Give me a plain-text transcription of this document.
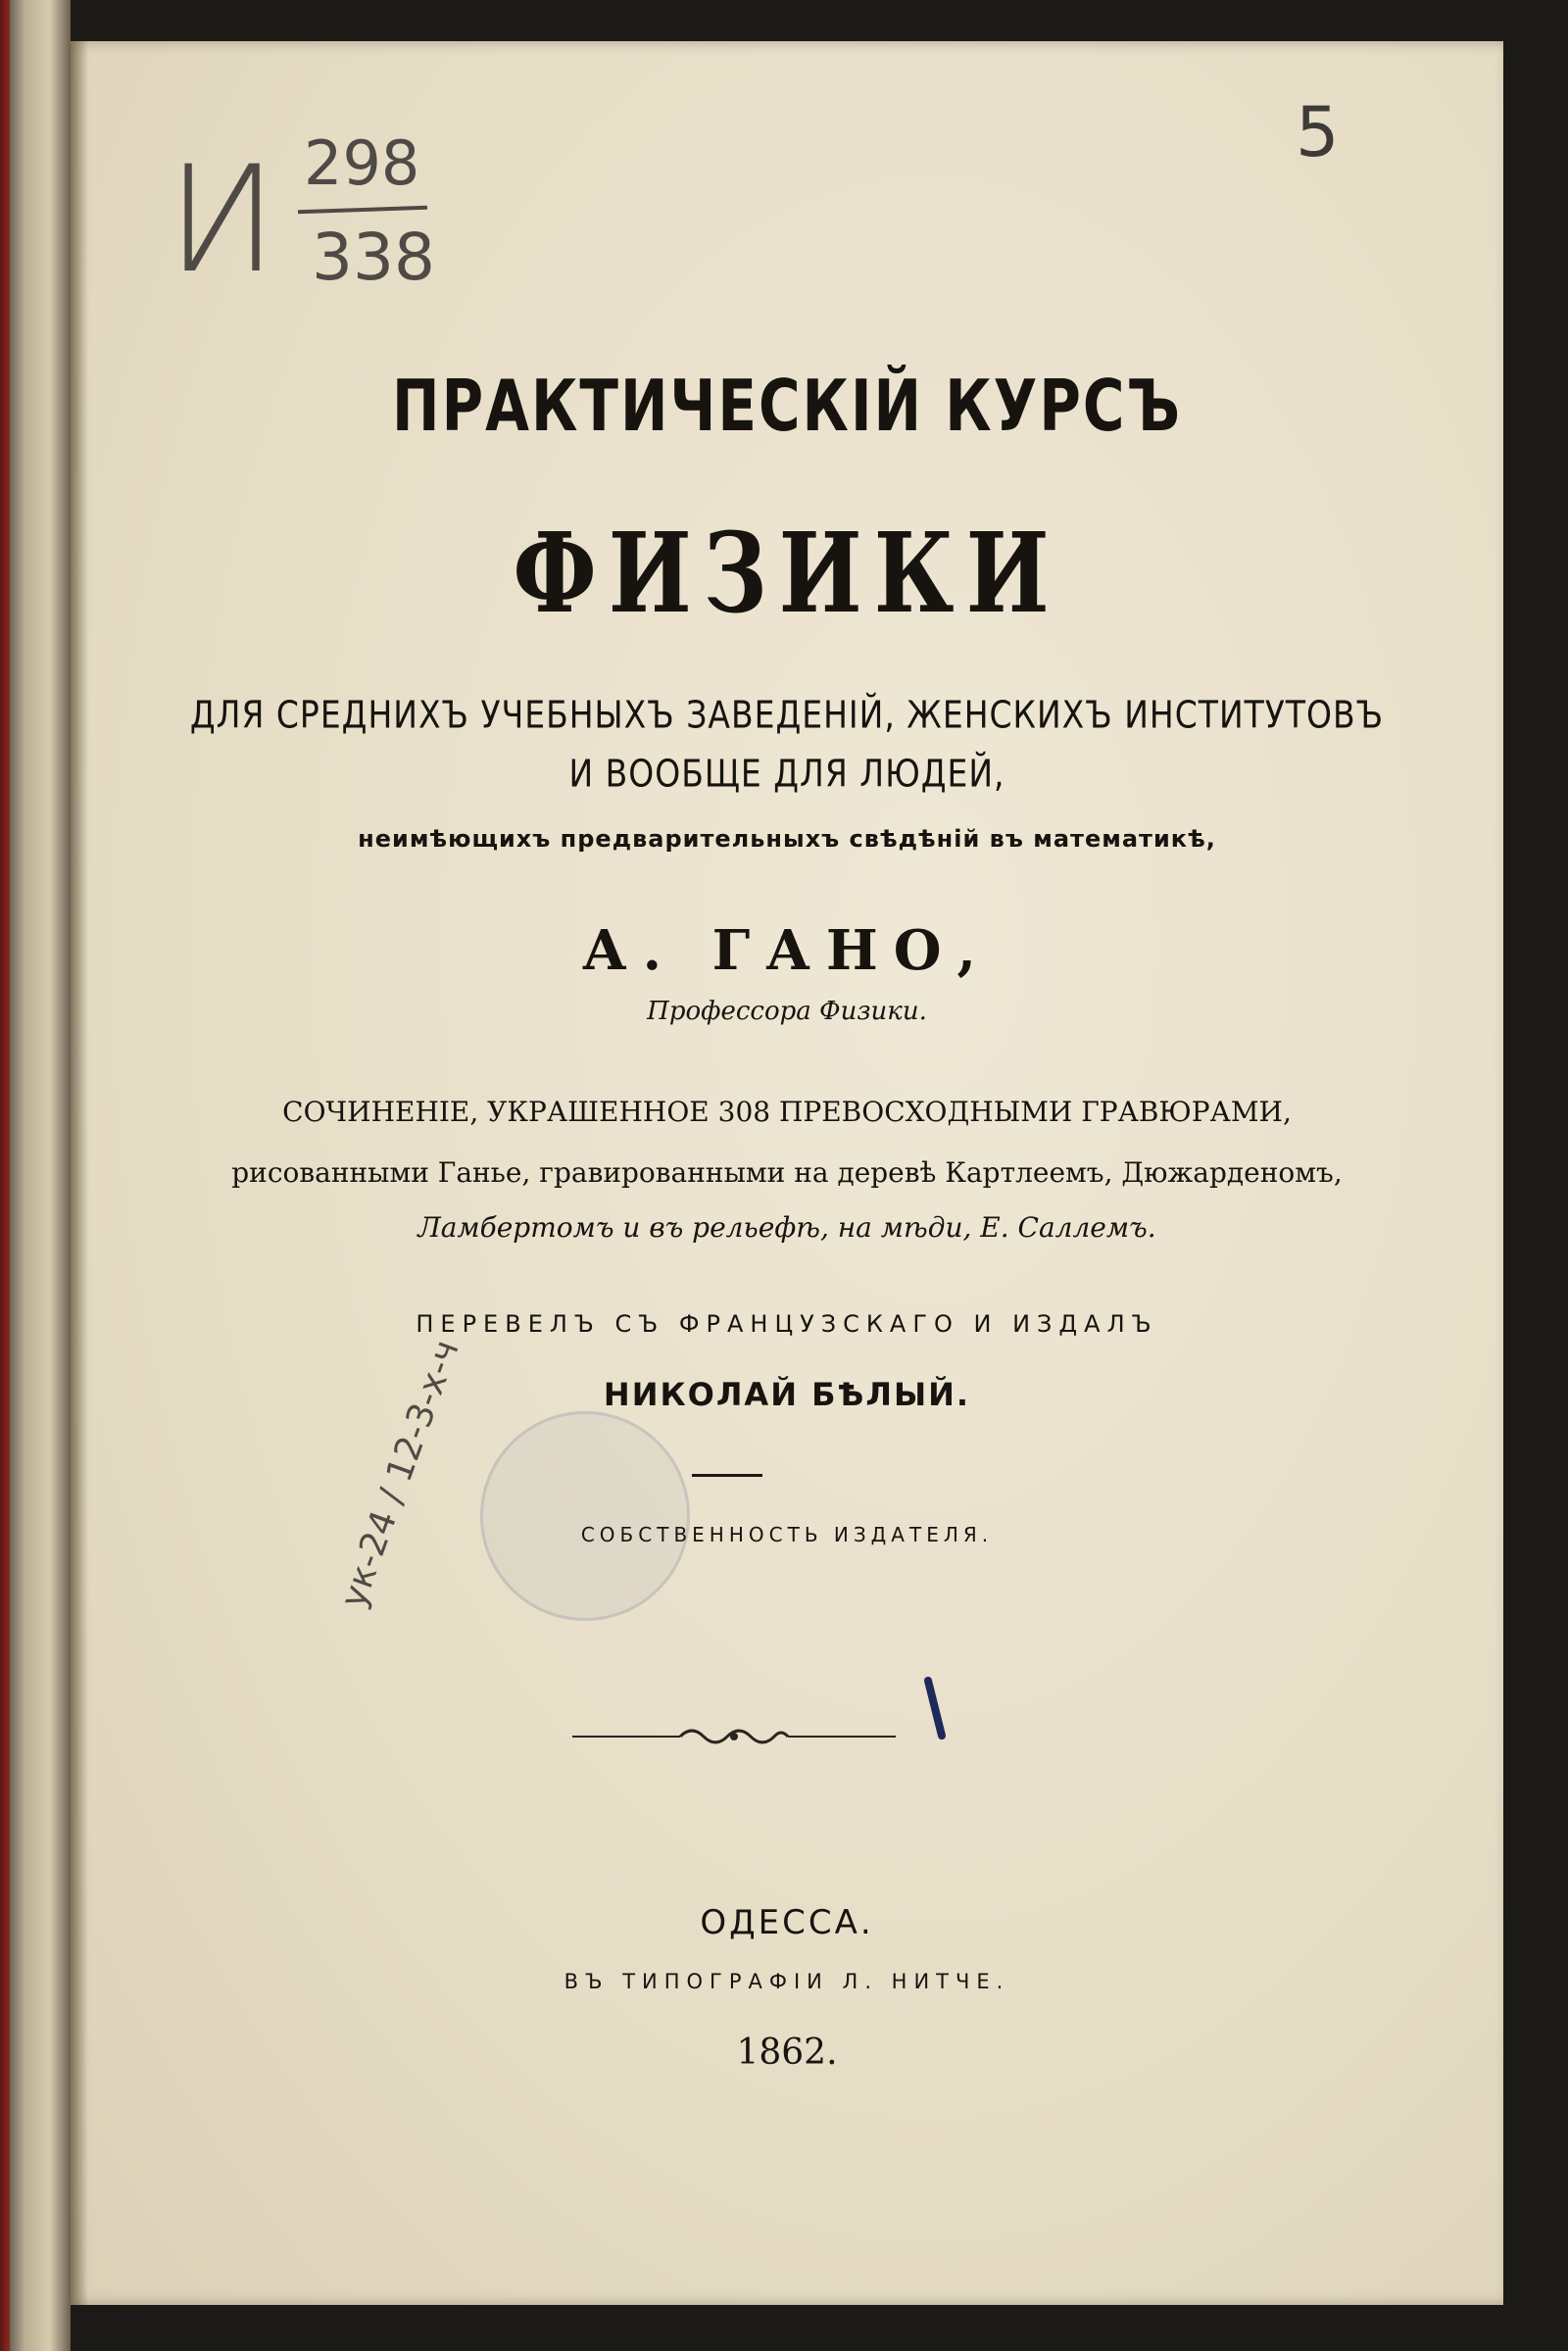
И 298
338
5
ПРАКТИЧЕСКІЙ КУРСЪ
ФИЗИКИ
ДЛЯ СРЕДНИХЪ УЧЕБНЫХЪ ЗАВЕДЕНІЙ, ЖЕНСКИХЪ ИНСТИТУТОВЪ
И ВООБЩЕ ДЛЯ ЛЮДЕЙ,
неимѣющихъ предварительныхъ свѣдѣній въ математикѣ,
А. ГАНО,
Профессора Физики.
СОЧИНЕНІЕ, УКРАШЕННОЕ 308 ПРЕВОСХОДНЫМИ ГРАВЮРАМИ,
рисованными Ганье, гравированными на деревѣ Картлеемъ, Дюжарденомъ,
Ламбертомъ и въ рельефѣ, на мѣди, Е. Саллемъ.
ПЕРЕВЕЛЪ СЪ ФРАНЦУЗСКАГО И ИЗДАЛЪ
НИКОЛАЙ БѢЛЫЙ.
СОБСТВЕННОСТЬ ИЗДАТЕЛЯ.
ук-24 / 12-3-х-ч
ОДЕССА.
ВЪ ТИПОГРАФІИ Л. НИТЧЕ.
1862.
